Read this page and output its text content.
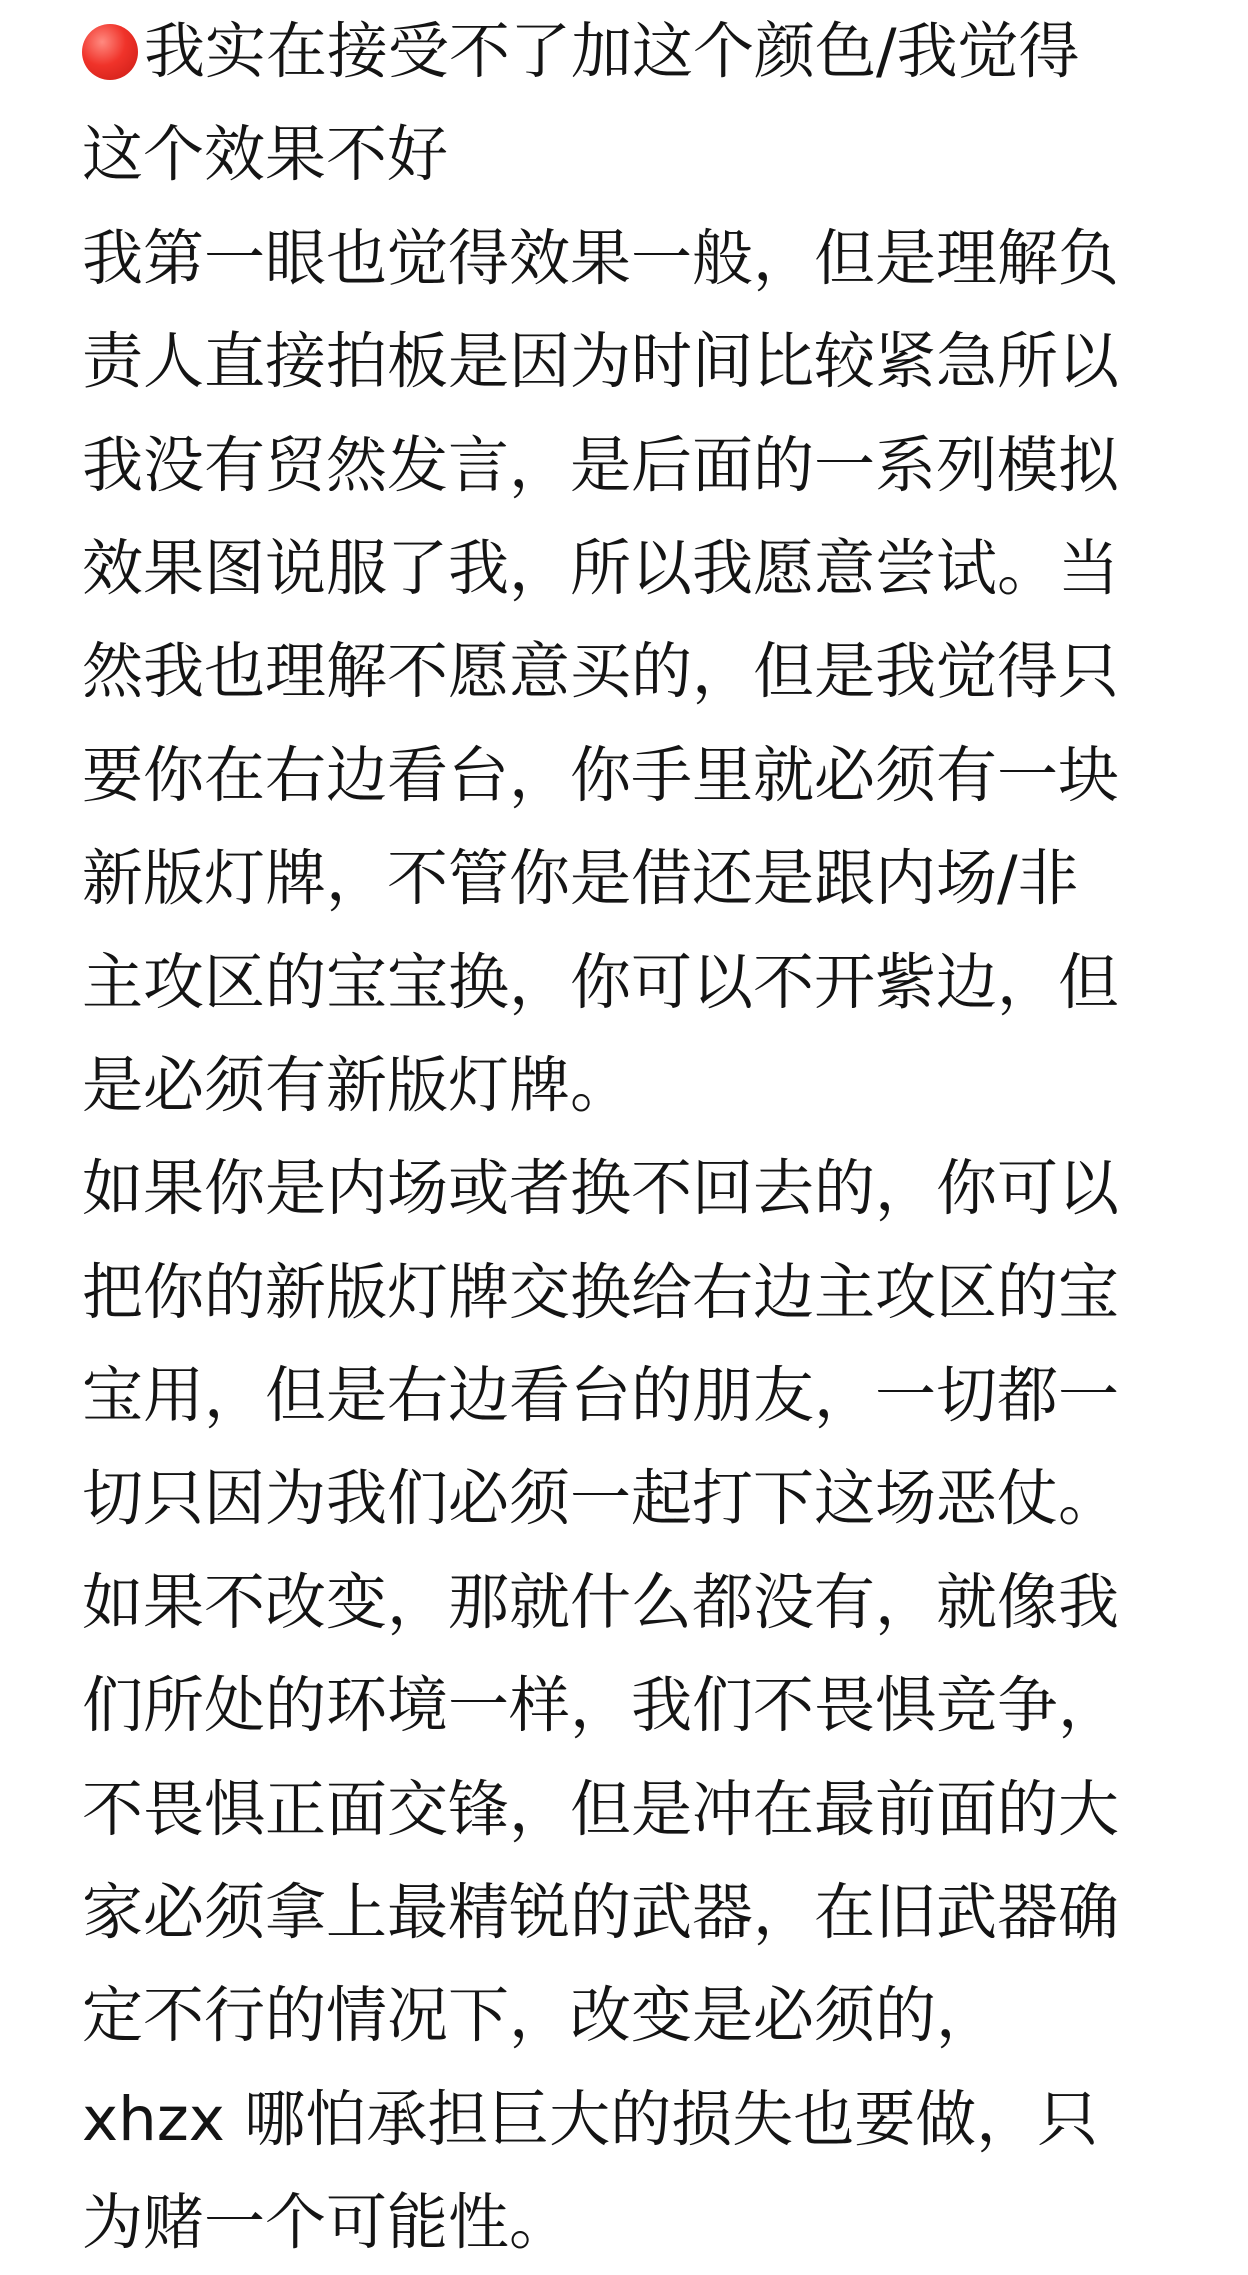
我实在接受不了加这个颜色/我觉得
这个效果不好
我第一眼也觉得效果一般，但是理解负
责人直接拍板是因为时间比较紧急所以
我没有贸然发言，是后面的一系列模拟
效果图说服了我，所以我愿意尝试。当
然我也理解不愿意买的，但是我觉得只
要你在右边看台，你手里就必须有一块
新版灯牌，不管你是借还是跟内场/非
主攻区的宝宝换，你可以不开紫边，但
是必须有新版灯牌。
如果你是内场或者换不回去的，你可以
把你的新版灯牌交换给右边主攻区的宝
宝用，但是右边看台的朋友，一切都一
切只因为我们必须一起打下这场恶仗。
如果不改变，那就什么都没有，就像我
们所处的环境一样，我们不畏惧竞争，
不畏惧正面交锋，但是冲在最前面的大
家必须拿上最精锐的武器，在旧武器确
定不行的情况下，改变是必须的，
xhzx 哪怕承担巨大的损失也要做，只
为赌一个可能性。
